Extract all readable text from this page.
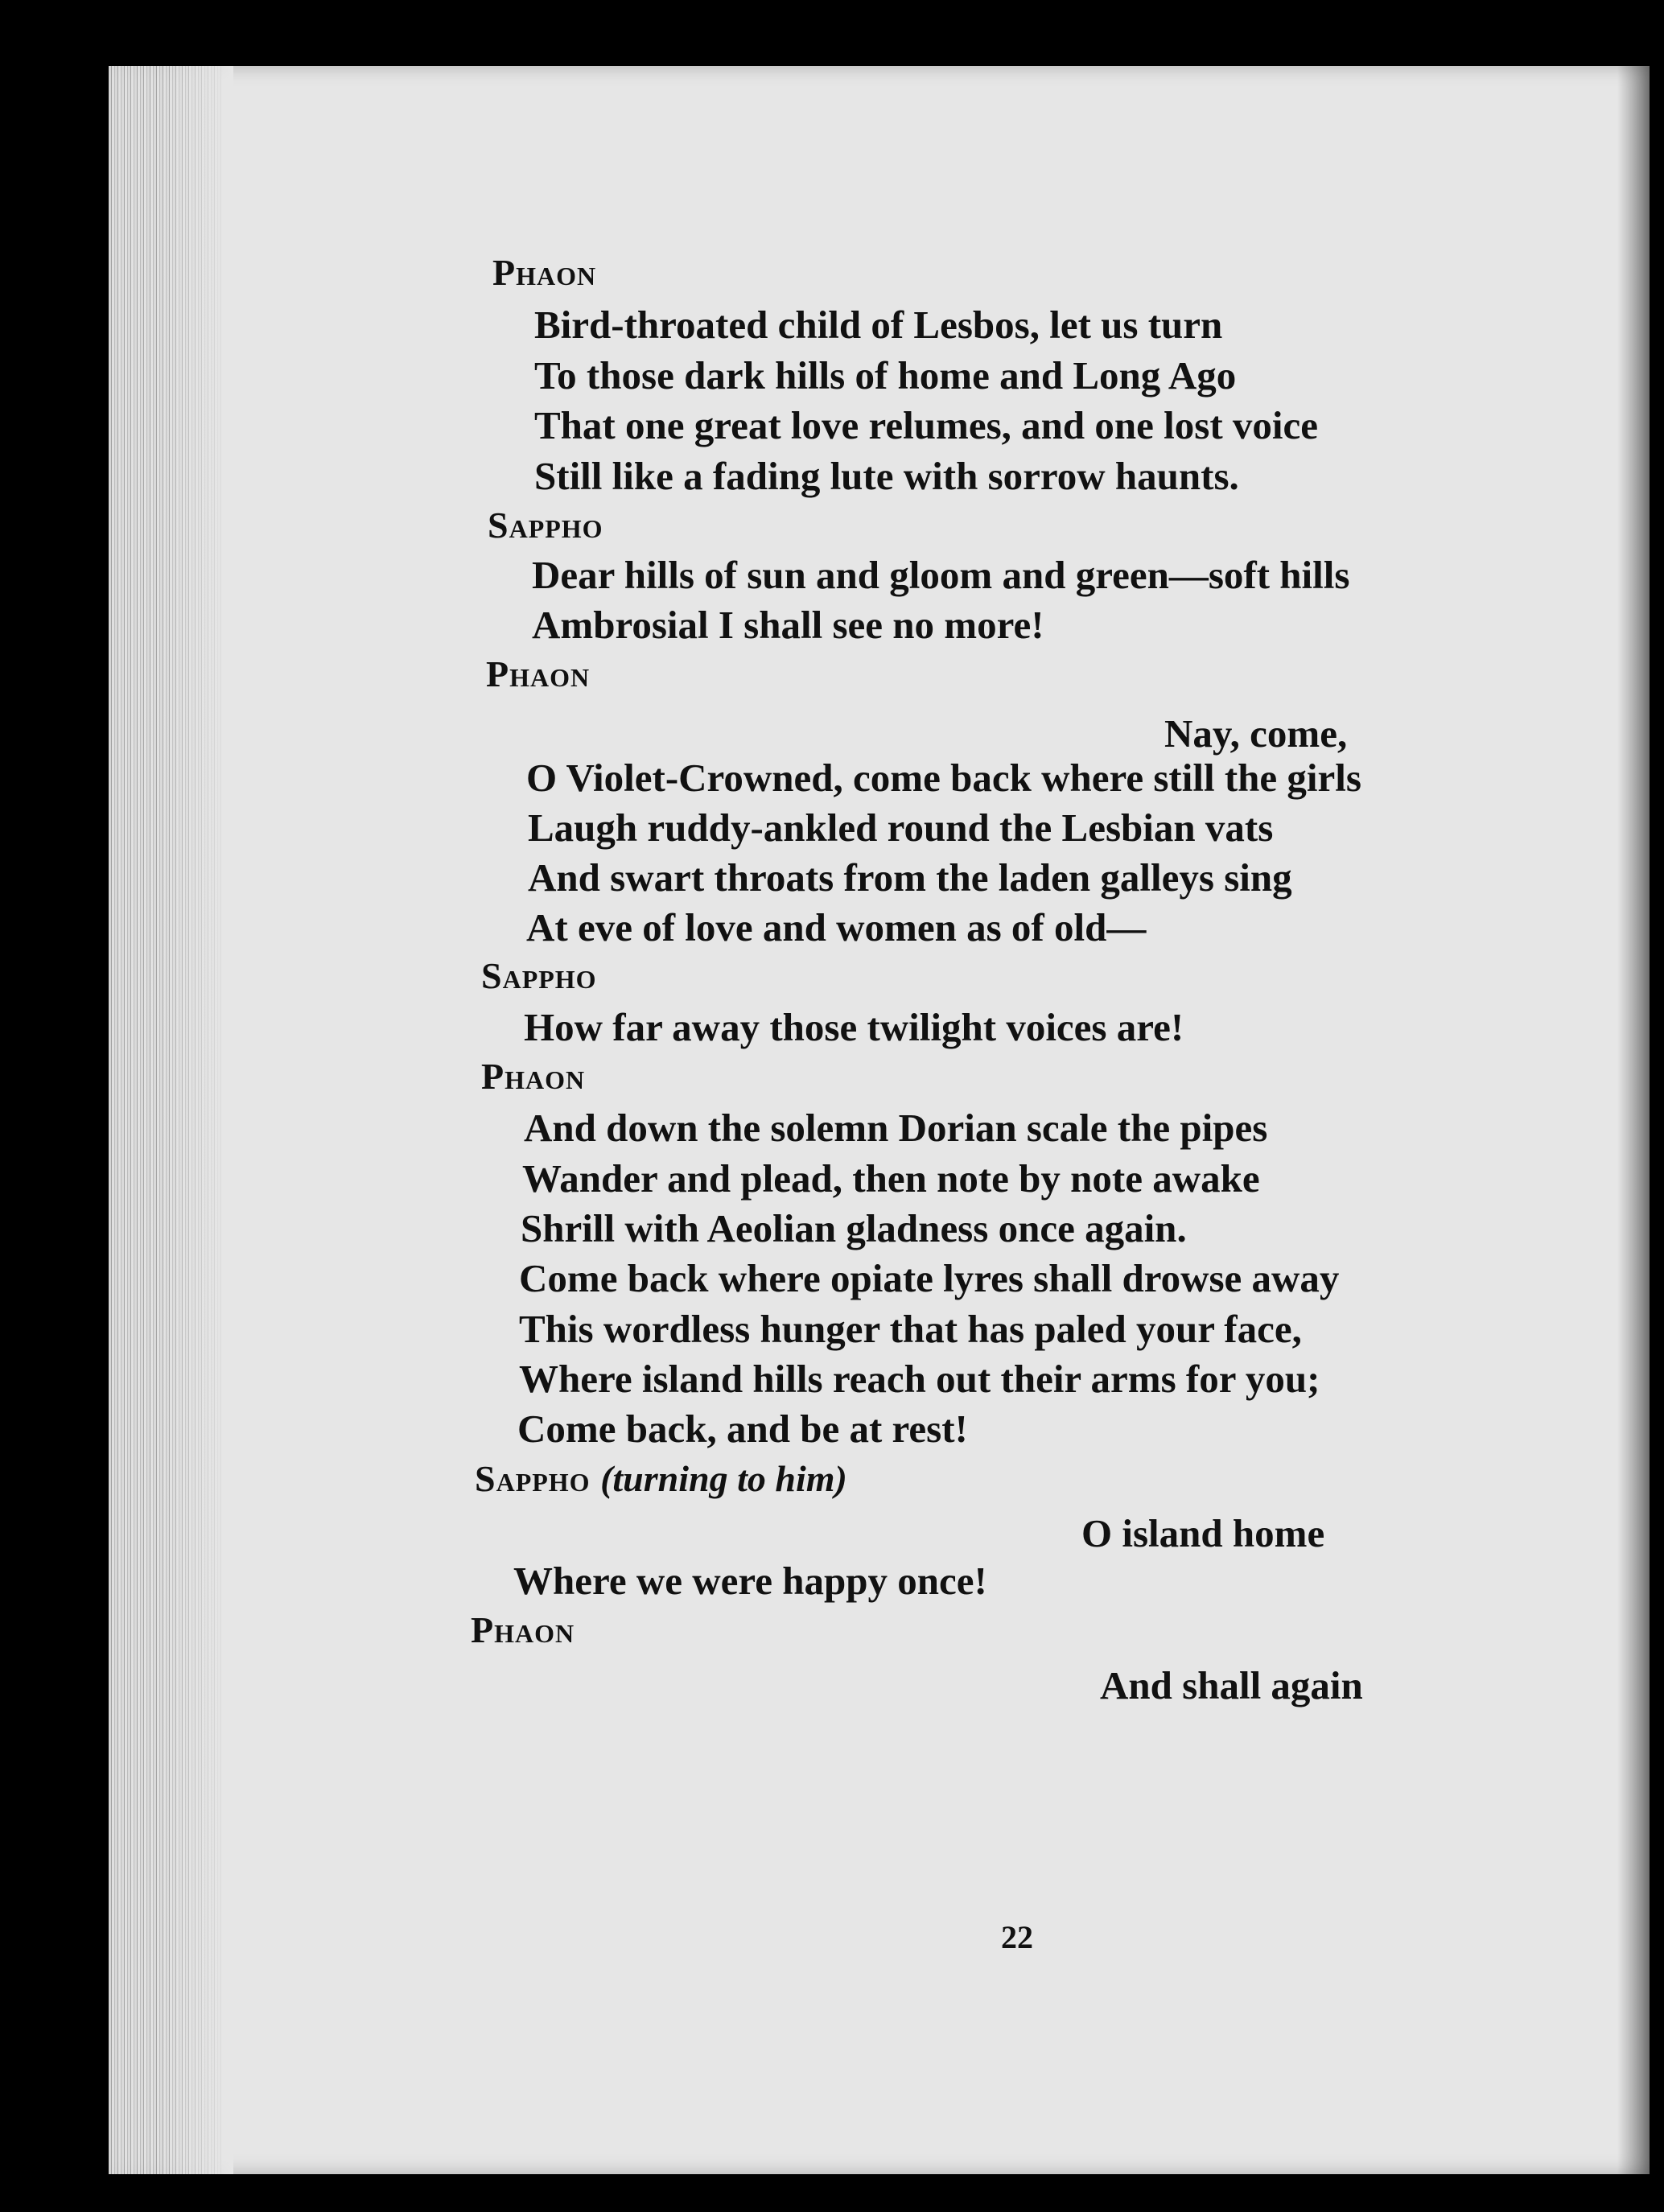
Phaon
Bird-throated child of Lesbos, let us turn
To those dark hills of home and Long Ago
That one great love relumes, and one lost voice
Still like a fading lute with sorrow haunts.
Sappho
Dear hills of sun and gloom and green—soft hills
Ambrosial I shall see no more!
Phaon
Nay, come,
O Violet-Crowned, come back where still the girls
Laugh ruddy-ankled round the Lesbian vats
And swart throats from the laden galleys sing
At eve of love and women as of old—
Sappho
How far away those twilight voices are!
Phaon
And down the solemn Dorian scale the pipes
Wander and plead, then note by note awake
Shrill with Aeolian gladness once again.
Come back where opiate lyres shall drowse away
This wordless hunger that has paled your face,
Where island hills reach out their arms for you;
Come back, and be at rest!
Sappho (turning to him)
O island home
Where we were happy once!
Phaon
And shall again
22
